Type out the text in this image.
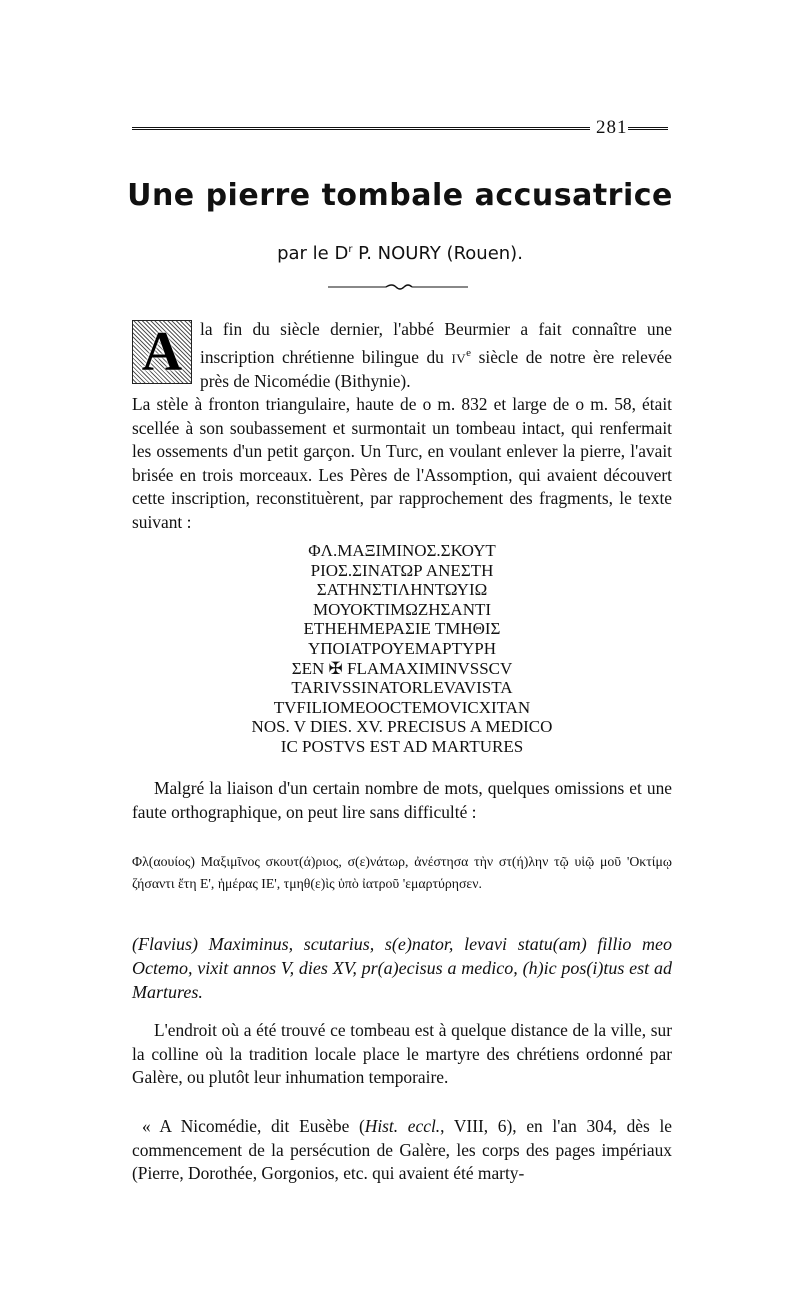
281
Une pierre tombale accusatrice
par le $D^r$ P. NOURY (Rouen).
A	la fin du siècle dernier, l'abbé Beurmier a fait connaître une inscription chrétienne bilingue du IVe siècle de notre ère relevée près de Nicomédie (Bithynie).
La stèle à fronton triangulaire, haute de o m. 832 et large de o m. 58, était scellée à son soubassement et surmontait un tombeau intact, qui renfermait les ossements d'un petit garçon. Un Turc, en voulant enlever la pierre, l'avait brisée en trois morceaux. Les Pères de l'Assomption, qui avaient découvert cette inscription, reconstituèrent, par rapprochement des fragments, le texte suivant :
ΦΛ.ΜΑΞΙΜΙΝΟΣ.ΣΚΟΥΤ
ΡΙΟΣ.ΣΙΝΑΤΩΡ ΑΝΕΣΤΗ
ΣΑΤΗΝΣΤΙΛΗΝΤΩΥΙΩ
ΜΟΥΟΚΤΙΜΩΖΗΣΑΝΤΙ
ΕΤΗΕΗΜΕΡΑΣΙΕ ΤΜΗΘΙΣ
ΥΠΟΙΑΤΡΟΥΕΜΑΡΤΥΡΗ
ΣΕΝ ✠ FLAMAXIMINVSSCV
TARIVSSINATORLEVAVISTA
TVFILIOMEOOCTEMOVICXITAN
NOS. V DIES. XV. PRECISUS A MEDICO
IC POSTVS EST AD MARTURES
Malgré la liaison d'un certain nombre de mots, quelques omissions et une faute orthographique, on peut lire sans difficulté :
Φλ(αουίος) Μαξιμῖνος σκουτ(ά)ριος, σ(ε)νάτωρ, ἀνέστησα τὴν στ(ή)λην τῷ υἱῷ μοῦ 'Οκτίμῳ ζήσαντι ἔτη Ε', ἡμέρας ΙΕ', τμηθ(ε)ὶς ὑπὸ ἰατροῦ 'εμαρτύρησεν.
(Flavius) Maximinus, scutarius, s(e)nator, levavi statu(am) fillio meo Octemo, vixit annos V, dies XV, pr(a)ecisus a medico, (h)ic pos(i)tus est ad Martures.
L'endroit où a été trouvé ce tombeau est à quelque distance de la ville, sur la colline où la tradition locale place le martyre des chrétiens ordonné par Galère, ou plutôt leur inhumation temporaire.
« A Nicomédie, dit Eusèbe (Hist. eccl., VIII, 6), en l'an 304, dès le commencement de la persécution de Galère, les corps des pages impériaux (Pierre, Dorothée, Gorgonios, etc. qui avaient été marty-
